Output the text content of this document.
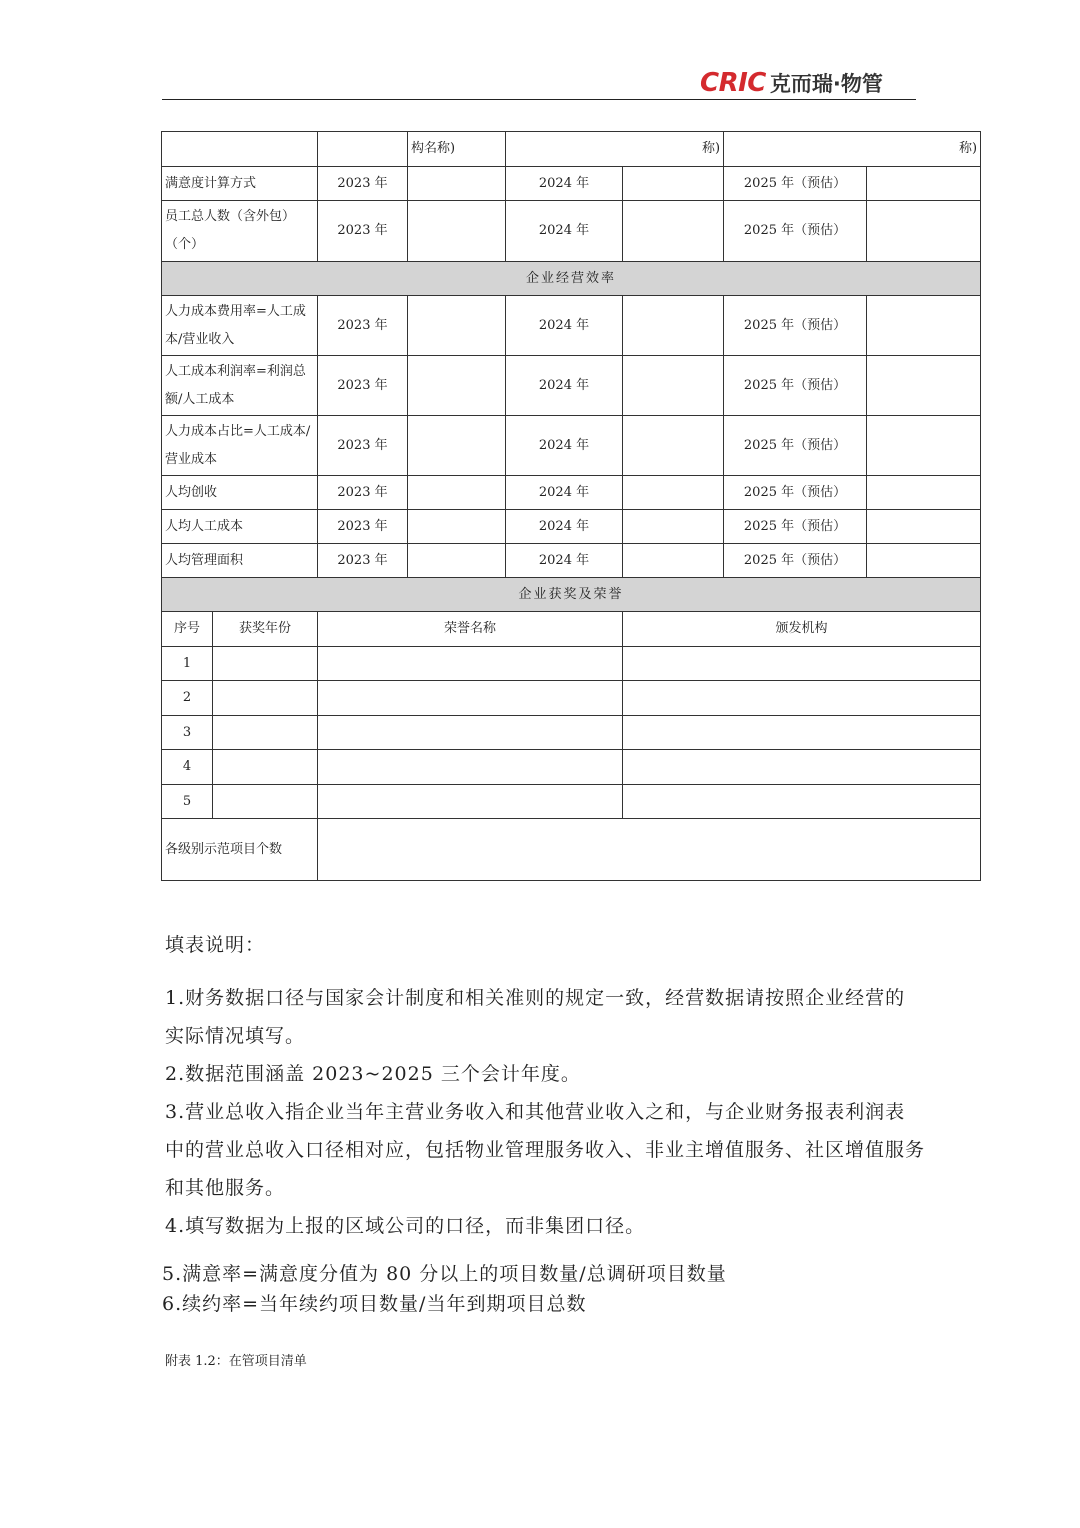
CRIC 克而瑞·物管
			构名称)	称)		称)	
满意度计算方式		2023 年		2024 年		2025 年（预估）	
员工总人数（含外包）（个）		2023 年		2024 年		2025 年（预估）	
企业经营效率							
人力成本费用率=人工成本/营业收入		2023 年		2024 年		2025 年（预估）	
人工成本利润率=利润总额/人工成本		2023 年		2024 年		2025 年（预估）	
人力成本占比=人工成本/营业成本		2023 年		2024 年		2025 年（预估）	
人均创收		2023 年		2024 年		2025 年（预估）	
人均人工成本		2023 年		2024 年		2025 年（预估）	
人均管理面积		2023 年		2024 年		2025 年（预估）	
企业获奖及荣誉							
序号	获奖年份	荣誉名称			颁发机构		
1							
2							
3							
4							
5							
各级别示范项目个数							

填表说明：

1.财务数据口径与国家会计制度和相关准则的规定一致，经营数据请按照企业经营的实际情况填写。

2.数据范围涵盖 2023~2025 三个会计年度。

3.营业总收入指企业当年主营业务收入和其他营业收入之和，与企业财务报表利润表中的营业总收入口径相对应，包括物业管理服务收入、非业主增值服务、社区增值服务和其他服务。

4.填写数据为上报的区域公司的口径，而非集团口径。

5.满意率=满意度分值为 80 分以上的项目数量/总调研项目数量
6.续约率=当年续约项目数量/当年到期项目总数
附表 1.2：在管项目清单
